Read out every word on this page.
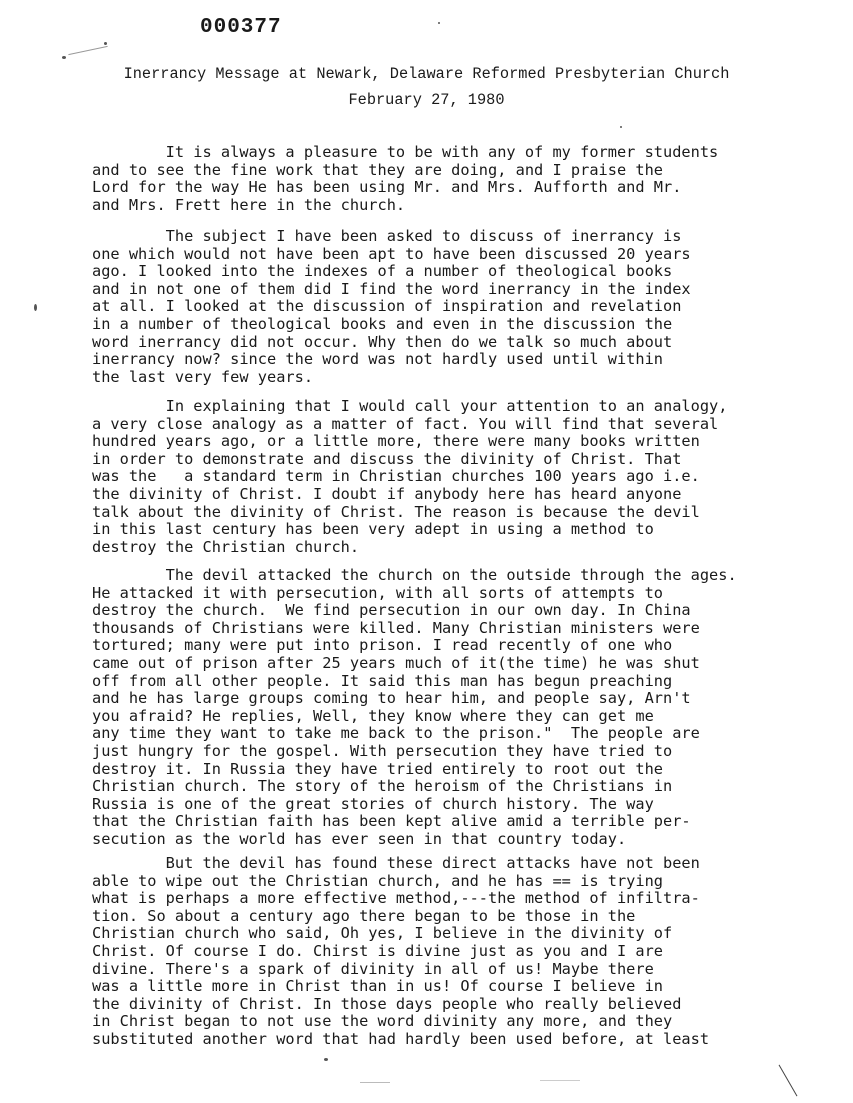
000377
Inerrancy Message at Newark, Delaware Reformed Presbyterian Church
February 27, 1980
It is always a pleasure to be with any of my former students
and to see the fine work that they are doing, and I praise the
Lord for the way He has been using Mr. and Mrs. Aufforth and Mr.
and Mrs. Frett here in the church.
The subject I have been asked to discuss of inerrancy is
one which would not have been apt to have been discussed 20 years
ago. I looked into the indexes of a number of theological books
and in not one of them did I find the word inerrancy in the index
at all. I looked at the discussion of inspiration and revelation
in a number of theological books and even in the discussion the
word inerrancy did not occur. Why then do we talk so much about
inerrancy now? since the word was not hardly used until within
the last very few years.
In explaining that I would call your attention to an analogy,
a very close analogy as a matter of fact. You will find that several
hundred years ago, or a little more, there were many books written
in order to demonstrate and discuss the divinity of Christ. That
was the   a standard term in Christian churches 100 years ago i.e.
the divinity of Christ. I doubt if anybody here has heard anyone
talk about the divinity of Christ. The reason is because the devil
in this last century has been very adept in using a method to
destroy the Christian church.
The devil attacked the church on the outside through the ages.
He attacked it with persecution, with all sorts of attempts to
destroy the church.  We find persecution in our own day. In China
thousands of Christians were killed. Many Christian ministers were
tortured; many were put into prison. I read recently of one who
came out of prison after 25 years much of it(the time) he was shut
off from all other people. It said this man has begun preaching
and he has large groups coming to hear him, and people say, Arn't
you afraid? He replies, Well, they know where they can get me
any time they want to take me back to the prison."  The people are
just hungry for the gospel. With persecution they have tried to
destroy it. In Russia they have tried entirely to root out the
Christian church. The story of the heroism of the Christians in
Russia is one of the great stories of church history. The way
that the Christian faith has been kept alive amid a terrible per-
secution as the world has ever seen in that country today.
But the devil has found these direct attacks have not been
able to wipe out the Christian church, and he has == is trying
what is perhaps a more effective method,---the method of infiltra-
tion. So about a century ago there began to be those in the
Christian church who said, Oh yes, I believe in the divinity of
Christ. Of course I do. Chirst is divine just as you and I are
divine. There's a spark of divinity in all of us! Maybe there
was a little more in Christ than in us! Of course I believe in
the divinity of Christ. In those days people who really believed
in Christ began to not use the word divinity any more, and they
substituted another word that had hardly been used before, at least
